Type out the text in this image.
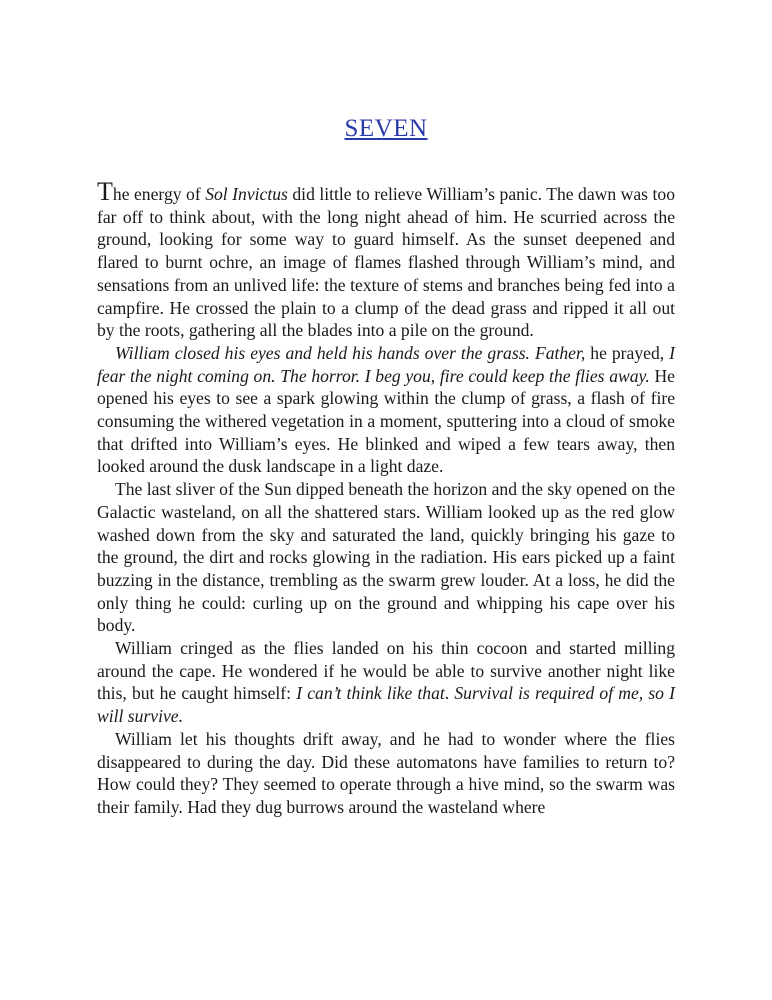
SEVEN

The energy of Sol Invictus did little to relieve William’s panic. The dawn was too far off to think about, with the long night ahead of him. He scurried across the ground, looking for some way to guard himself. As the sunset deepened and flared to burnt ochre, an image of flames flashed through William’s mind, and sensations from an unlived life: the texture of stems and branches being fed into a campfire. He crossed the plain to a clump of the dead grass and ripped it all out by the roots, gathering all the blades into a pile on the ground.

William closed his eyes and held his hands over the grass. Father, he prayed, I fear the night coming on. The horror. I beg you, fire could keep the flies away. He opened his eyes to see a spark glowing within the clump of grass, a flash of fire consuming the withered vegetation in a moment, sputtering into a cloud of smoke that drifted into William’s eyes. He blinked and wiped a few tears away, then looked around the dusk landscape in a light daze.

The last sliver of the Sun dipped beneath the horizon and the sky opened on the Galactic wasteland, on all the shattered stars. William looked up as the red glow washed down from the sky and saturated the land, quickly bringing his gaze to the ground, the dirt and rocks glowing in the radiation. His ears picked up a faint buzzing in the distance, trembling as the swarm grew louder. At a loss, he did the only thing he could: curling up on the ground and whipping his cape over his body.

William cringed as the flies landed on his thin cocoon and started milling around the cape. He wondered if he would be able to survive another night like this, but he caught himself: I can’t think like that. Survival is required of me, so I will survive.

William let his thoughts drift away, and he had to wonder where the flies disappeared to during the day. Did these automatons have families to return to? How could they? They seemed to operate through a hive mind, so the swarm was their family. Had they dug burrows around the wasteland where
